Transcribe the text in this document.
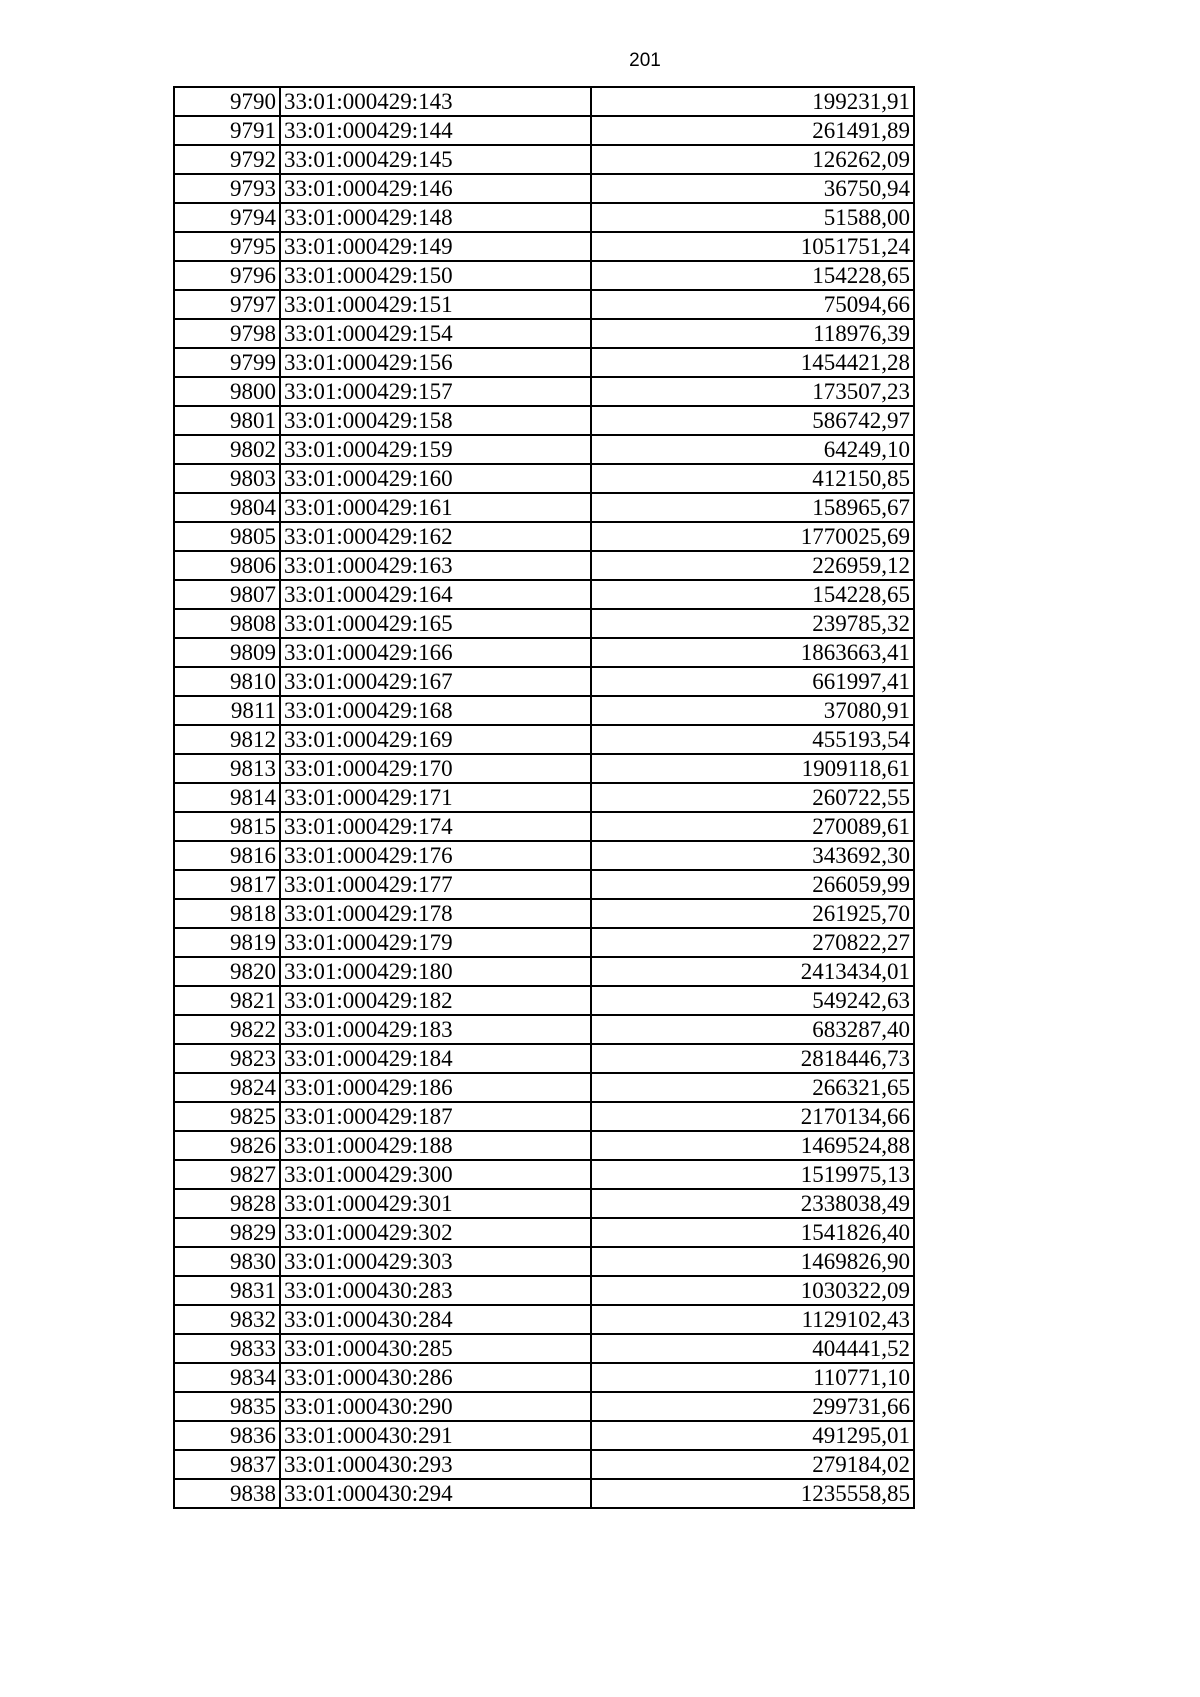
201
9790	33:01:000429:143	199231,91
9791	33:01:000429:144	261491,89
9792	33:01:000429:145	126262,09
9793	33:01:000429:146	36750,94
9794	33:01:000429:148	51588,00
9795	33:01:000429:149	1051751,24
9796	33:01:000429:150	154228,65
9797	33:01:000429:151	75094,66
9798	33:01:000429:154	118976,39
9799	33:01:000429:156	1454421,28
9800	33:01:000429:157	173507,23
9801	33:01:000429:158	586742,97
9802	33:01:000429:159	64249,10
9803	33:01:000429:160	412150,85
9804	33:01:000429:161	158965,67
9805	33:01:000429:162	1770025,69
9806	33:01:000429:163	226959,12
9807	33:01:000429:164	154228,65
9808	33:01:000429:165	239785,32
9809	33:01:000429:166	1863663,41
9810	33:01:000429:167	661997,41
9811	33:01:000429:168	37080,91
9812	33:01:000429:169	455193,54
9813	33:01:000429:170	1909118,61
9814	33:01:000429:171	260722,55
9815	33:01:000429:174	270089,61
9816	33:01:000429:176	343692,30
9817	33:01:000429:177	266059,99
9818	33:01:000429:178	261925,70
9819	33:01:000429:179	270822,27
9820	33:01:000429:180	2413434,01
9821	33:01:000429:182	549242,63
9822	33:01:000429:183	683287,40
9823	33:01:000429:184	2818446,73
9824	33:01:000429:186	266321,65
9825	33:01:000429:187	2170134,66
9826	33:01:000429:188	1469524,88
9827	33:01:000429:300	1519975,13
9828	33:01:000429:301	2338038,49
9829	33:01:000429:302	1541826,40
9830	33:01:000429:303	1469826,90
9831	33:01:000430:283	1030322,09
9832	33:01:000430:284	1129102,43
9833	33:01:000430:285	404441,52
9834	33:01:000430:286	110771,10
9835	33:01:000430:290	299731,66
9836	33:01:000430:291	491295,01
9837	33:01:000430:293	279184,02
9838	33:01:000430:294	1235558,85
